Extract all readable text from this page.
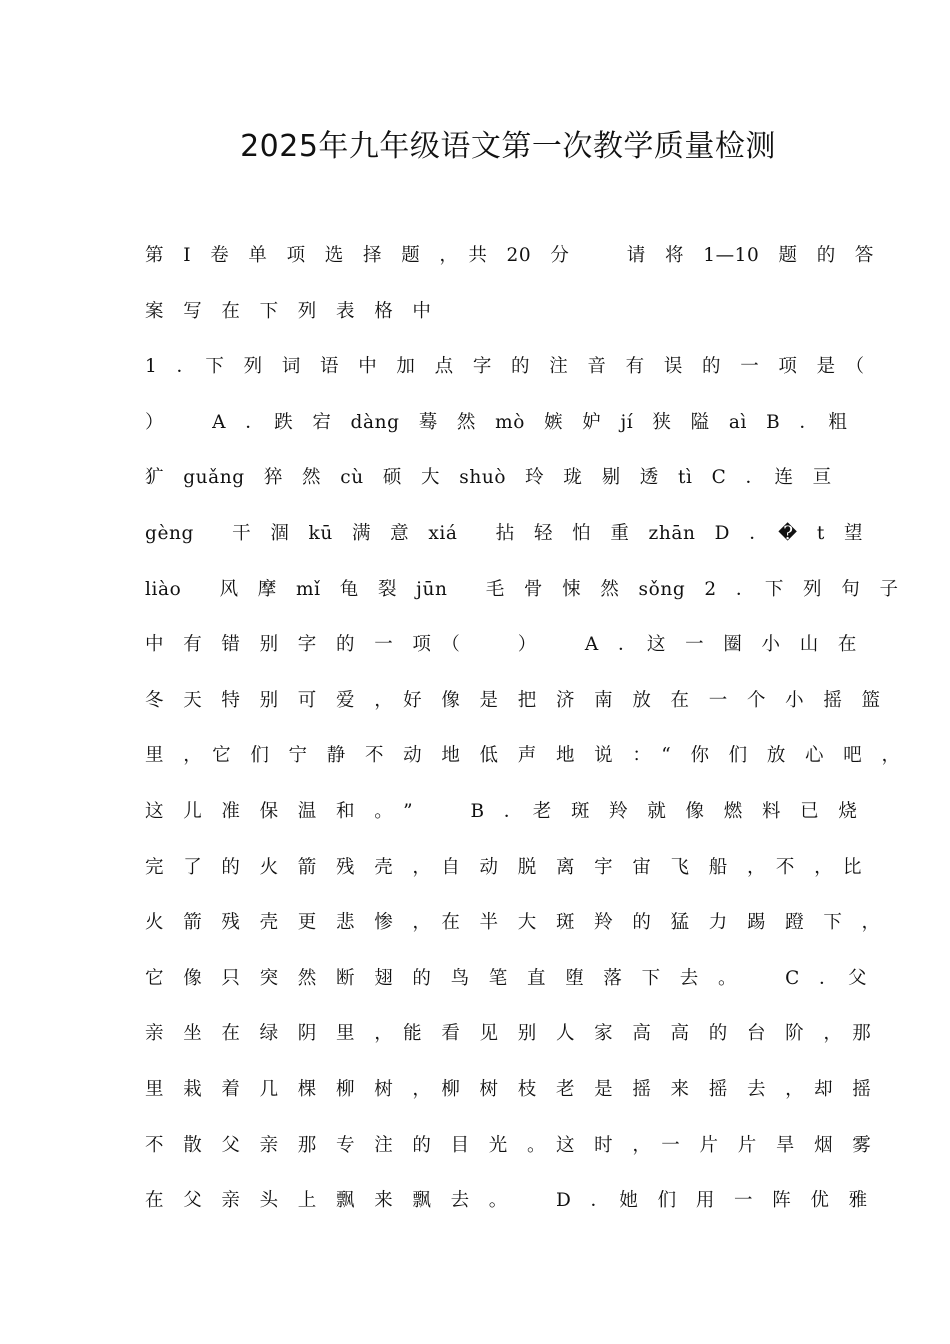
2025年九年级语文第一次教学质量检测
第　Ⅰ　卷　单　项　选　择　题　，　共　20　分　　　请　将　1—10　题　的　答
案　写　在　下　列　表　格　中
1　．　下　列　词　语　中　加　点　字　的　注　音　有　误　的　一　项　是　（
）　　　A　．　跌　宕　dàng　蓦　然　mò　嫉　妒　jí　狭　隘　aì　B　．　粗
犷　guǎng　猝　然　cù　硕　大　shuò　玲　珑　剔　透　tì　C　．　连　亘
gèng　　干　涸　kū　满　意　xiá　　拈　轻　怕　重　zhān　D　．　�　t　望
liào　　风　摩　mǐ　龟　裂　jūn　　毛　骨　悚　然　sǒng　2　．　下　列　句　子
中　有　错　别　字　的　一　项　（　　　）　　　A　．　这　一　圈　小　山　在
冬　天　特　别　可　爱　，　好　像　是　把　济　南　放　在　一　个　小　摇　篮
里　，　它　们　宁　静　不　动　地　低　声　地　说　：　“　你　们　放　心　吧　，
这　儿　准　保　温　和　。　”　　　B　．　老　斑　羚　就　像　燃　料　已　烧
完　了　的　火　箭　残　壳　，　自　动　脱　离　宇　宙　飞　船　，　不　，　比
火　箭　残　壳　更　悲　惨　，　在　半　大　斑　羚　的　猛　力　踢　蹬　下　，
它　像　只　突　然　断　翅　的　鸟　笔　直　堕　落　下　去　。　　　C　．　父
亲　坐　在　绿　阴　里　，　能　看　见　别　人　家　高　高　的　台　阶　，　那
里　栽　着　几　棵　柳　树　，　柳　树　枝　老　是　摇　来　摇　去　，　却　摇
不　散　父　亲　那　专　注　的　目　光　。　这　时　，　一　片　片　旱　烟　雾
在　父　亲　头　上　飘　来　飘　去　。　　　D　．　她　们　用　一　阵　优　雅
